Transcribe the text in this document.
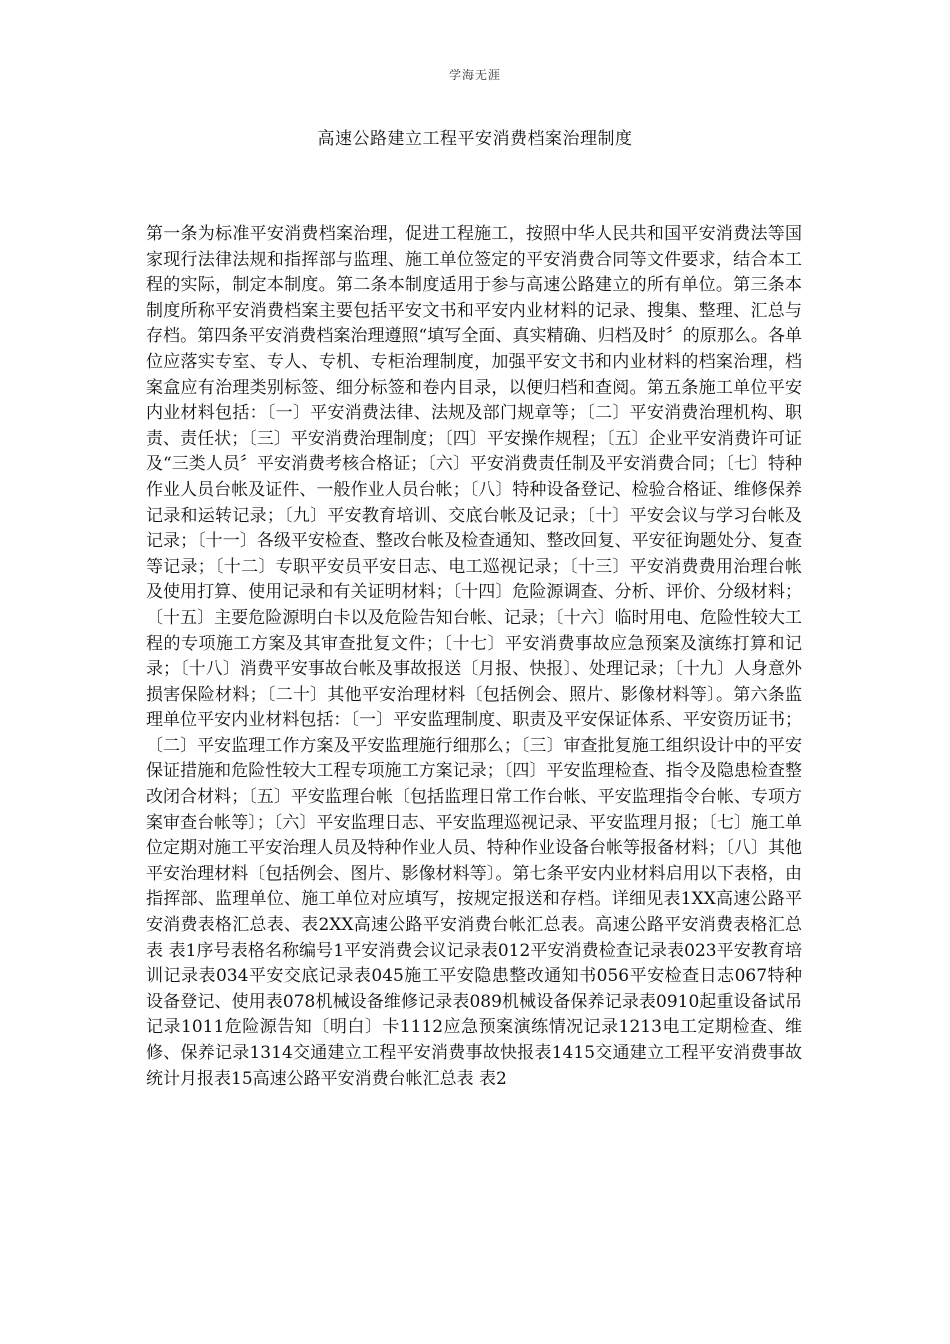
学海无涯
高速公路建立工程平安消费档案治理制度

第一条为标准平安消费档案治理，促进工程施工，按照中华人民共和国平安消费法等国家现行法律法规和指挥部与监理、施工单位签定的平安消费合同等文件要求，结合本工程的实际，制定本制度。第二条本制度适用于参与高速公路建立的所有单位。第三条本制度所称平安消费档案主要包括平安文书和平安内业材料的记录、搜集、整理、汇总与存档。第四条平安消费档案治理遵照“填写全面、真实精确、归档及时〞的原那么。各单位应落实专室、专人、专机、专柜治理制度，加强平安文书和内业材料的档案治理，档案盒应有治理类别标签、细分标签和卷内目录，以便归档和查阅。第五条施工单位平安内业材料包括：〔一〕平安消费法律、法规及部门规章等；〔二〕平安消费治理机构、职责、责任状；〔三〕平安消费治理制度；〔四〕平安操作规程；〔五〕企业平安消费许可证及“三类人员〞平安消费考核合格证；〔六〕平安消费责任制及平安消费合同；〔七〕特种作业人员台帐及证件、一般作业人员台帐；〔八〕特种设备登记、检验合格证、维修保养记录和运转记录；〔九〕平安教育培训、交底台帐及记录；〔十〕平安会议与学习台帐及记录；〔十一〕各级平安检查、整改台帐及检查通知、整改回复、平安征询题处分、复查等记录；〔十二〕专职平安员平安日志、电工巡视记录；〔十三〕平安消费费用治理台帐及使用打算、使用记录和有关证明材料；〔十四〕危险源调查、分析、评价、分级材料；〔十五〕主要危险源明白卡以及危险告知台帐、记录；〔十六〕临时用电、危险性较大工程的专项施工方案及其审查批复文件；〔十七〕平安消费事故应急预案及演练打算和记录；〔十八〕消费平安事故台帐及事故报送〔月报、快报〕、处理记录；〔十九〕人身意外损害保险材料；〔二十〕其他平安治理材料〔包括例会、照片、影像材料等〕。第六条监理单位平安内业材料包括：〔一〕平安监理制度、职责及平安保证体系、平安资历证书；〔二〕平安监理工作方案及平安监理施行细那么；〔三〕审查批复施工组织设计中的平安保证措施和危险性较大工程专项施工方案记录；〔四〕平安监理检查、指令及隐患检查整改闭合材料；〔五〕平安监理台帐〔包括监理日常工作台帐、平安监理指令台帐、专项方案审查台帐等〕；〔六〕平安监理日志、平安监理巡视记录、平安监理月报；〔七〕施工单位定期对施工平安治理人员及特种作业人员、特种作业设备台帐等报备材料；〔八〕其他平安治理材料〔包括例会、图片、影像材料等〕。第七条平安内业材料启用以下表格，由指挥部、监理单位、施工单位对应填写，按规定报送和存档。详细见表1XX高速公路平安消费表格汇总表、表2XX高速公路平安消费台帐汇总表。高速公路平安消费表格汇总表 表1序号表格名称编号1平安消费会议记录表012平安消费检查记录表023平安教育培训记录表034平安交底记录表045施工平安隐患整改通知书056平安检查日志067特种设备登记、使用表078机械设备维修记录表089机械设备保养记录表0910起重设备试吊记录1011危险源告知〔明白〕卡1112应急预案演练情况记录1213电工定期检查、维修、保养记录1314交通建立工程平安消费事故快报表1415交通建立工程平安消费事故统计月报表15高速公路平安消费台帐汇总表 表2
